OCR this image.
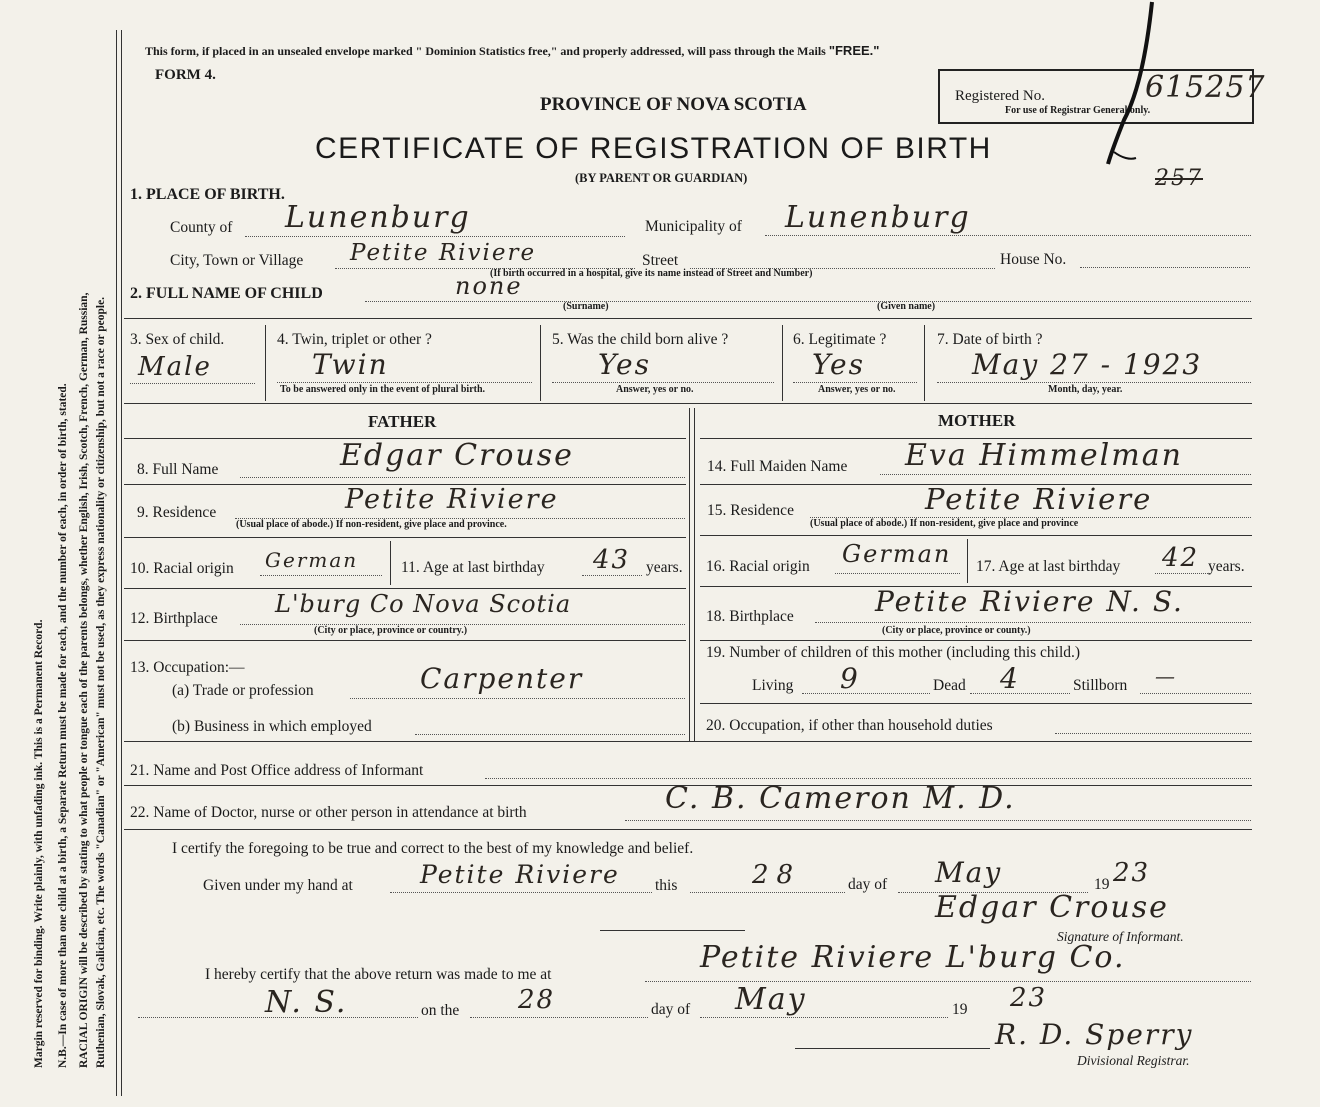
Margin reserved for binding. Write plainly, with unfading ink. This is a Permanent Record. N.B.—In case of more than one child at a birth, a Separate Return must be made for each, and the number of each, in order of birth, stated. RACIAL ORIGIN will be described by stating to what people or tongue each of the parents belongs, whether English, Irish, Scotch, French, German, Russian, Ruthenian, Slovak, Galician, etc. The words "Canadian" or "American" must not be used, as they express nationality or citizenship, but not a race or people.
This form, if placed in an unsealed envelope marked " Dominion Statistics free," and properly addressed, will pass through the Mails "FREE."
FORM 4.
PROVINCE OF NOVA SCOTIA
CERTIFICATE OF REGISTRATION OF BIRTH
(BY PARENT OR GUARDIAN)
Registered No.	615257
For use of Registrar General only.
257
1. PLACE OF BIRTH.
County of Lunenburg	Municipality of Lunenburg
City, Town or Village Petite Riviere	Street	House No.
(If birth occurred in a hospital, give its name instead of Street and Number)
2. FULL NAME OF CHILD	none
(Surname)	(Given name)
3. Sex of child.
Male
4. Twin, triplet or other ?
Twin
To be answered only in the event of plural birth.
5. Was the child born alive ?
Yes
Answer, yes or no.
6. Legitimate ?
Yes
Answer, yes or no.
7. Date of birth ?
May 27 - 1923
Month, day, year.
FATHER	MOTHER
8. Full Name	Edgar Crouse
9. Residence	Petite Riviere
(Usual place of abode.) If non-resident, give place and province.
10. Racial origin German	11. Age at last birthday 43 years.
12. Birthplace
L'burg Co Nova Scotia
(City or place, province or country.)
13. Occupation:—
(a) Trade or profession	Carpenter
(b) Business in which employed
14. Full Maiden Name Eva Himmelman
15. Residence	Petite Riviere
(Usual place of abode.) If non-resident, give place and province
16. Racial origin German 17. Age at last birthday 42 years.
18. Birthplace	Petite Riviere N. S.
(City or place, province or county.)
19. Number of children of this mother (including this child.)
Living 9	Dead 4	Stillborn —
20. Occupation, if other than household duties
21. Name and Post Office address of Informant
22. Name of Doctor, nurse or other person in attendance at birth	C. B. Cameron M. D.
I certify the foregoing to be true and correct to the best of my knowledge and belief.
Given under my hand at	Petite Riviere this	28	day of May	19 23
Edgar Crouse
Signature of Informant.
I hereby certify that the above return was made to me at	Petite Riviere L'burg Co.
N. S.	on the 28	day of May	19 23
R. D. Sperry
Divisional Registrar.
